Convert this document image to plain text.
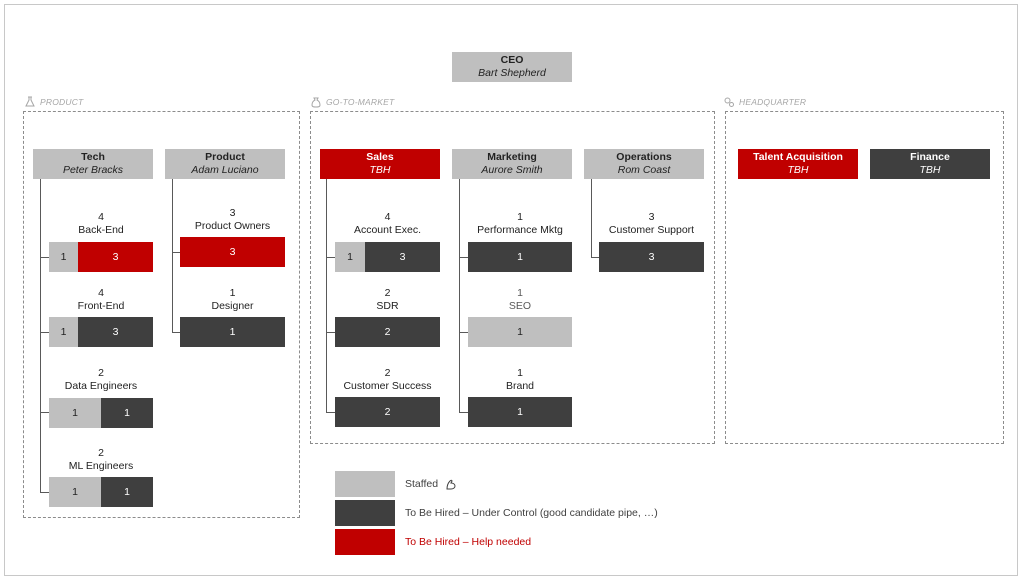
CEO
Bart Shepherd
PRODUCT	GO-TO-MARKET	HEADQUARTER
Tech
Peter Bracks
4
Back-End
1	3
4
Front-End
1	3
2
Data Engineers
1	1
2
ML Engineers
1	1
Product
Adam Luciano
3
Product Owners
3
1
Designer
1
Sales
TBH
4
Account Exec.
1	3
2
SDR
2
2
Customer Success
2
Marketing
Aurore Smith
1
Performance Mktg
1
1
SEO
1
1
Brand
1
Operations
Rom Coast
3
Customer Support
3
Talent Acquisition
TBH
Finance
TBH
Staffed
To Be Hired – Under Control (good candidate pipe, …)
To Be Hired – Help needed
